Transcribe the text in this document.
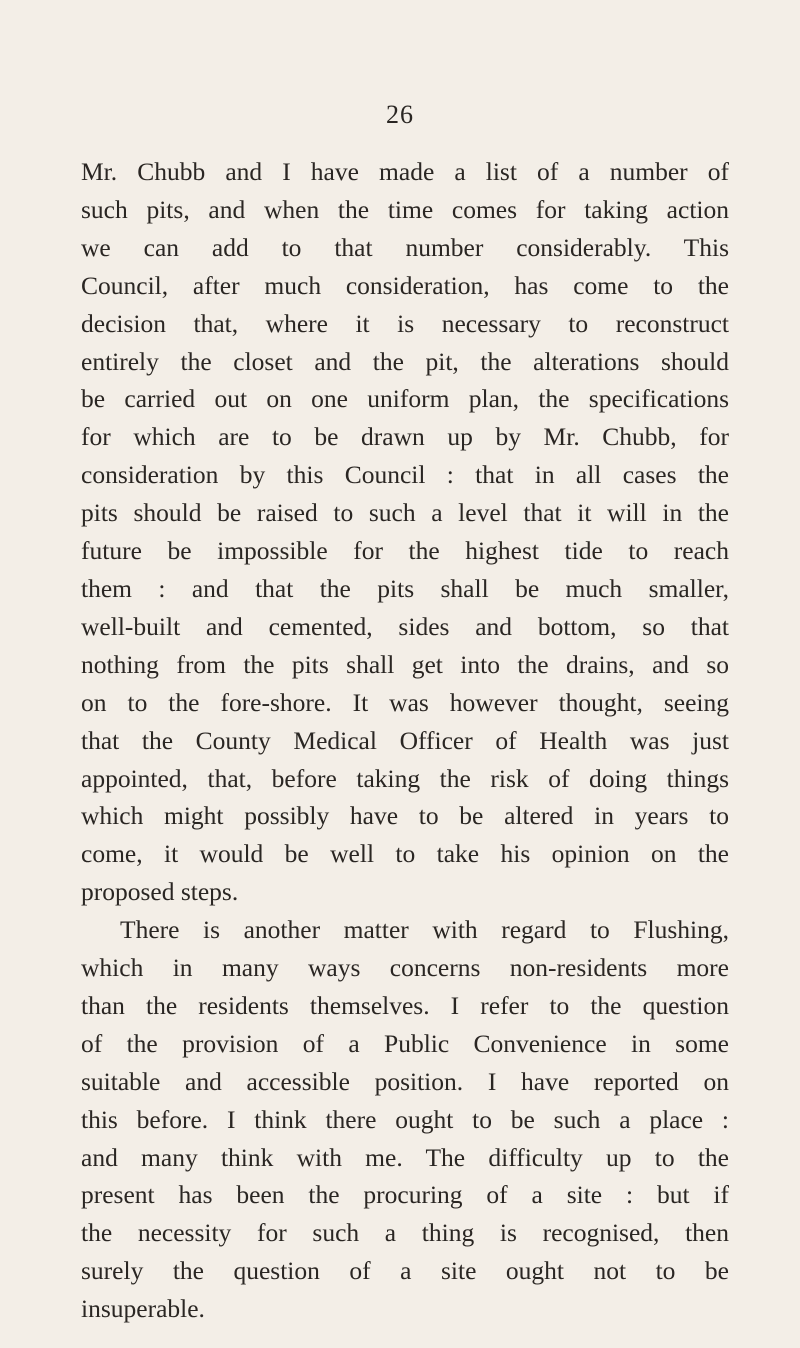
26

Mr. Chubb and I have made a list of a number of
such pits, and when the time comes for taking action
we can add to that number considerably. This
Council, after much consideration, has come to the
decision that, where it is necessary to reconstruct
entirely the closet and the pit, the alterations should
be carried out on one uniform plan, the specifications
for which are to be drawn up by Mr. Chubb, for
consideration by this Council : that in all cases the
pits should be raised to such a level that it will in the
future be impossible for the highest tide to reach
them : and that the pits shall be much smaller,
well-built and cemented, sides and bottom, so that
nothing from the pits shall get into the drains, and so
on to the fore-shore. It was however thought, seeing
that the County Medical Officer of Health was just
appointed, that, before taking the risk of doing things
which might possibly have to be altered in years to
come, it would be well to take his opinion on the
proposed steps.
There is another matter with regard to Flushing,
which in many ways concerns non-residents more
than the residents themselves. I refer to the question
of the provision of a Public Convenience in some
suitable and accessible position. I have reported on
this before. I think there ought to be such a place :
and many think with me. The difficulty up to the
present has been the procuring of a site : but if
the necessity for such a thing is recognised, then
surely the question of a site ought not to be
insuperable.
